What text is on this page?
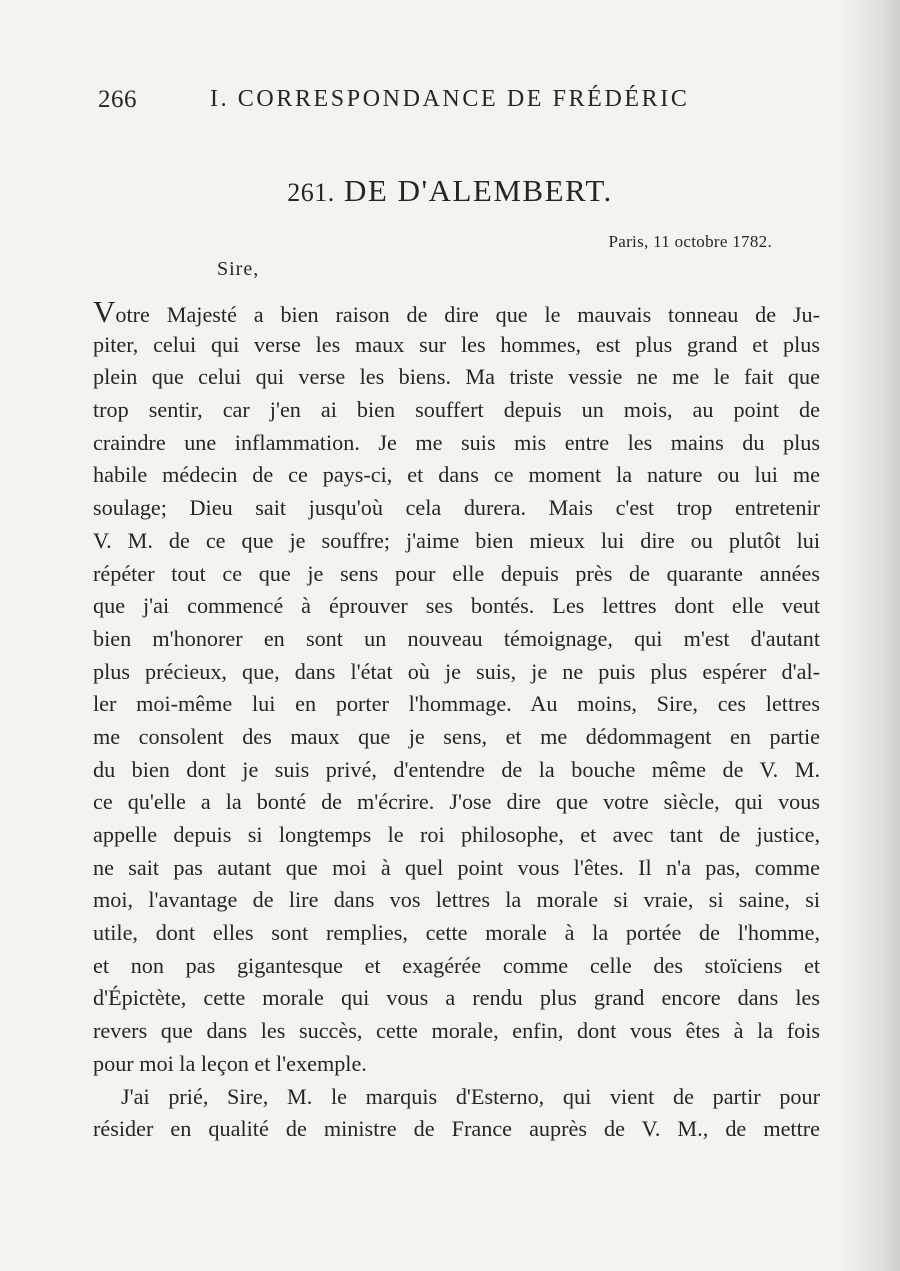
266	I. CORRESPONDANCE DE FRÉDÉRIC
261. DE D'ALEMBERT.
Paris, 11 octobre 1782.
Sire,
Votre Majesté a bien raison de dire que le mauvais tonneau de Ju-
piter, celui qui verse les maux sur les hommes, est plus grand et plus
plein que celui qui verse les biens. Ma triste vessie ne me le fait que
trop sentir, car j'en ai bien souffert depuis un mois, au point de
craindre une inflammation. Je me suis mis entre les mains du plus
habile médecin de ce pays-ci, et dans ce moment la nature ou lui me
soulage; Dieu sait jusqu'où cela durera. Mais c'est trop entretenir
V. M. de ce que je souffre; j'aime bien mieux lui dire ou plutôt lui
répéter tout ce que je sens pour elle depuis près de quarante années
que j'ai commencé à éprouver ses bontés. Les lettres dont elle veut
bien m'honorer en sont un nouveau témoignage, qui m'est d'autant
plus précieux, que, dans l'état où je suis, je ne puis plus espérer d'al-
ler moi-même lui en porter l'hommage. Au moins, Sire, ces lettres
me consolent des maux que je sens, et me dédommagent en partie
du bien dont je suis privé, d'entendre de la bouche même de V. M.
ce qu'elle a la bonté de m'écrire. J'ose dire que votre siècle, qui vous
appelle depuis si longtemps le roi philosophe, et avec tant de justice,
ne sait pas autant que moi à quel point vous l'êtes. Il n'a pas, comme
moi, l'avantage de lire dans vos lettres la morale si vraie, si saine, si
utile, dont elles sont remplies, cette morale à la portée de l'homme,
et non pas gigantesque et exagérée comme celle des stoïciens et
d'Épictète, cette morale qui vous a rendu plus grand encore dans les
revers que dans les succès, cette morale, enfin, dont vous êtes à la fois
pour moi la leçon et l'exemple.
J'ai prié, Sire, M. le marquis d'Esterno, qui vient de partir pour
résider en qualité de ministre de France auprès de V. M., de mettre
